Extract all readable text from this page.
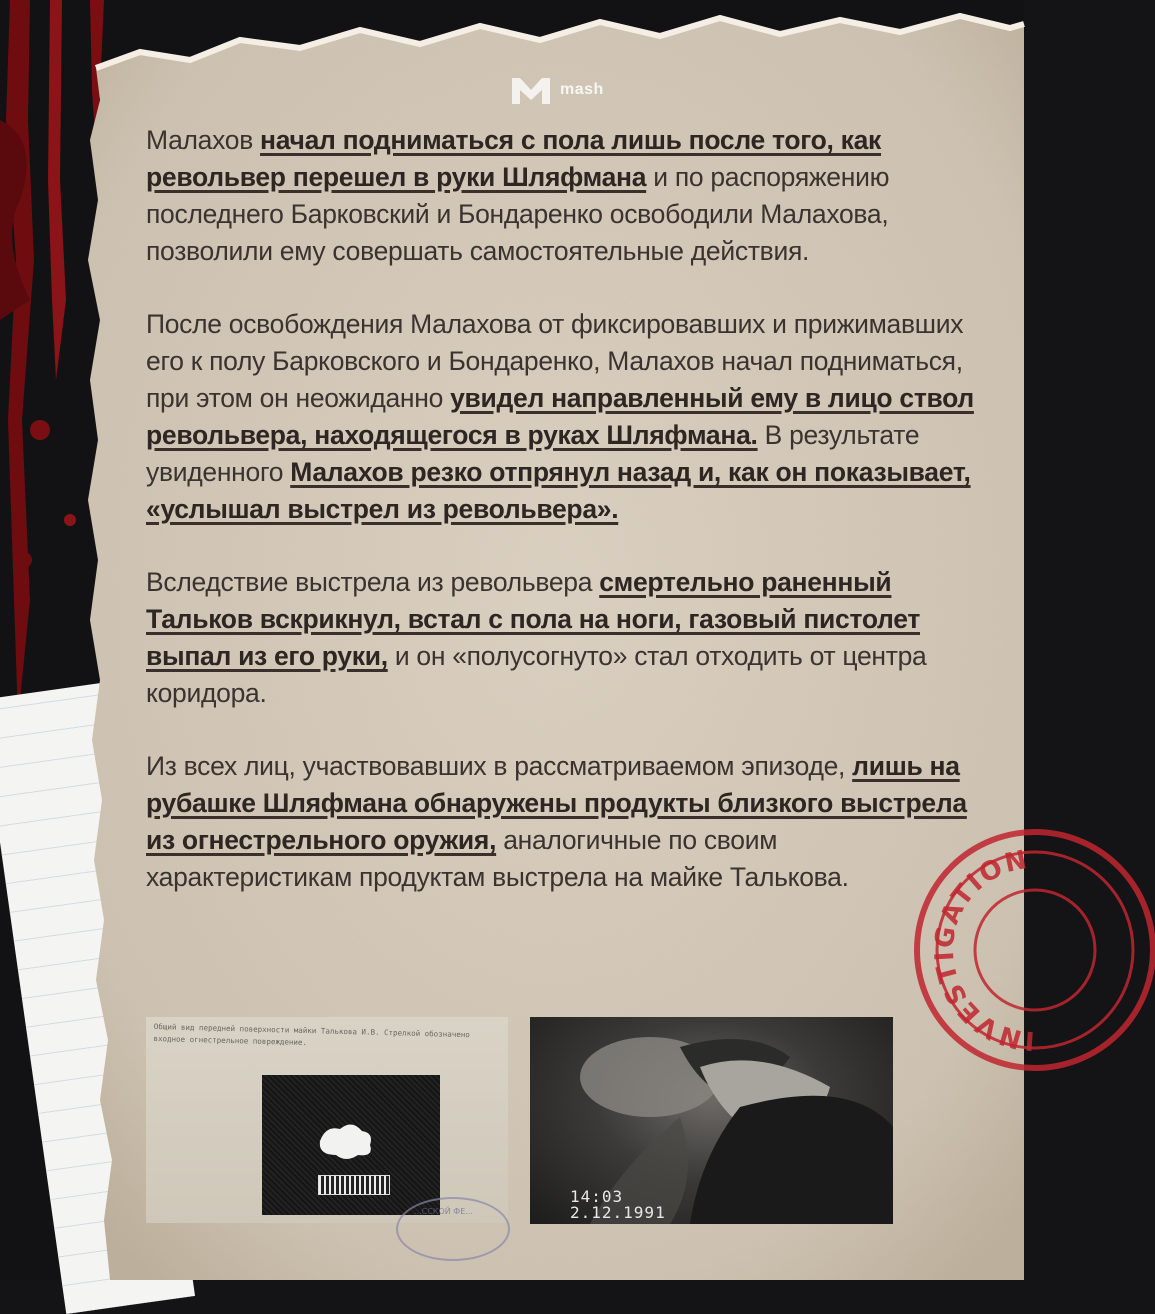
mash
INVESTIGATION

Малахов начал подниматься с пола лишь после того, как револьвер перешел в руки Шляфмана и по распоряжению последнего Барковский и Бондаренко освободили Малахова, позволили ему совершать самостоятельные действия.

После освобождения Малахова от фиксировавших и прижимавших его к полу Барковского и Бондаренко, Малахов начал подниматься, при этом он неожиданно увидел направленный ему в лицо ствол револьвера, находящегося в руках Шляфмана. В результате увиденного Малахов резко отпрянул назад и, как он показывает, «услышал выстрел из револьвера».

Вследствие выстрела из револьвера смертельно раненный Тальков вскрикнул, встал с пола на ноги, газовый пистолет выпал из его руки, и он «полусогнуто» стал отходить от центра коридора.

Из всех лиц, участвовавших в рассматриваемом эпизоде, лишь на рубашке Шляфмана обнаружены продукты близкого выстрела из огнестрельного оружия, аналогичные по своим характеристикам продуктам выстрела на майке Талькова.

Общий вид передней поверхности майки Талькова И.В. Стрелкой обозначено входное огнестрельное повреждение.
...ССКОЙ ФЕ...
14:03
2.12.1991
